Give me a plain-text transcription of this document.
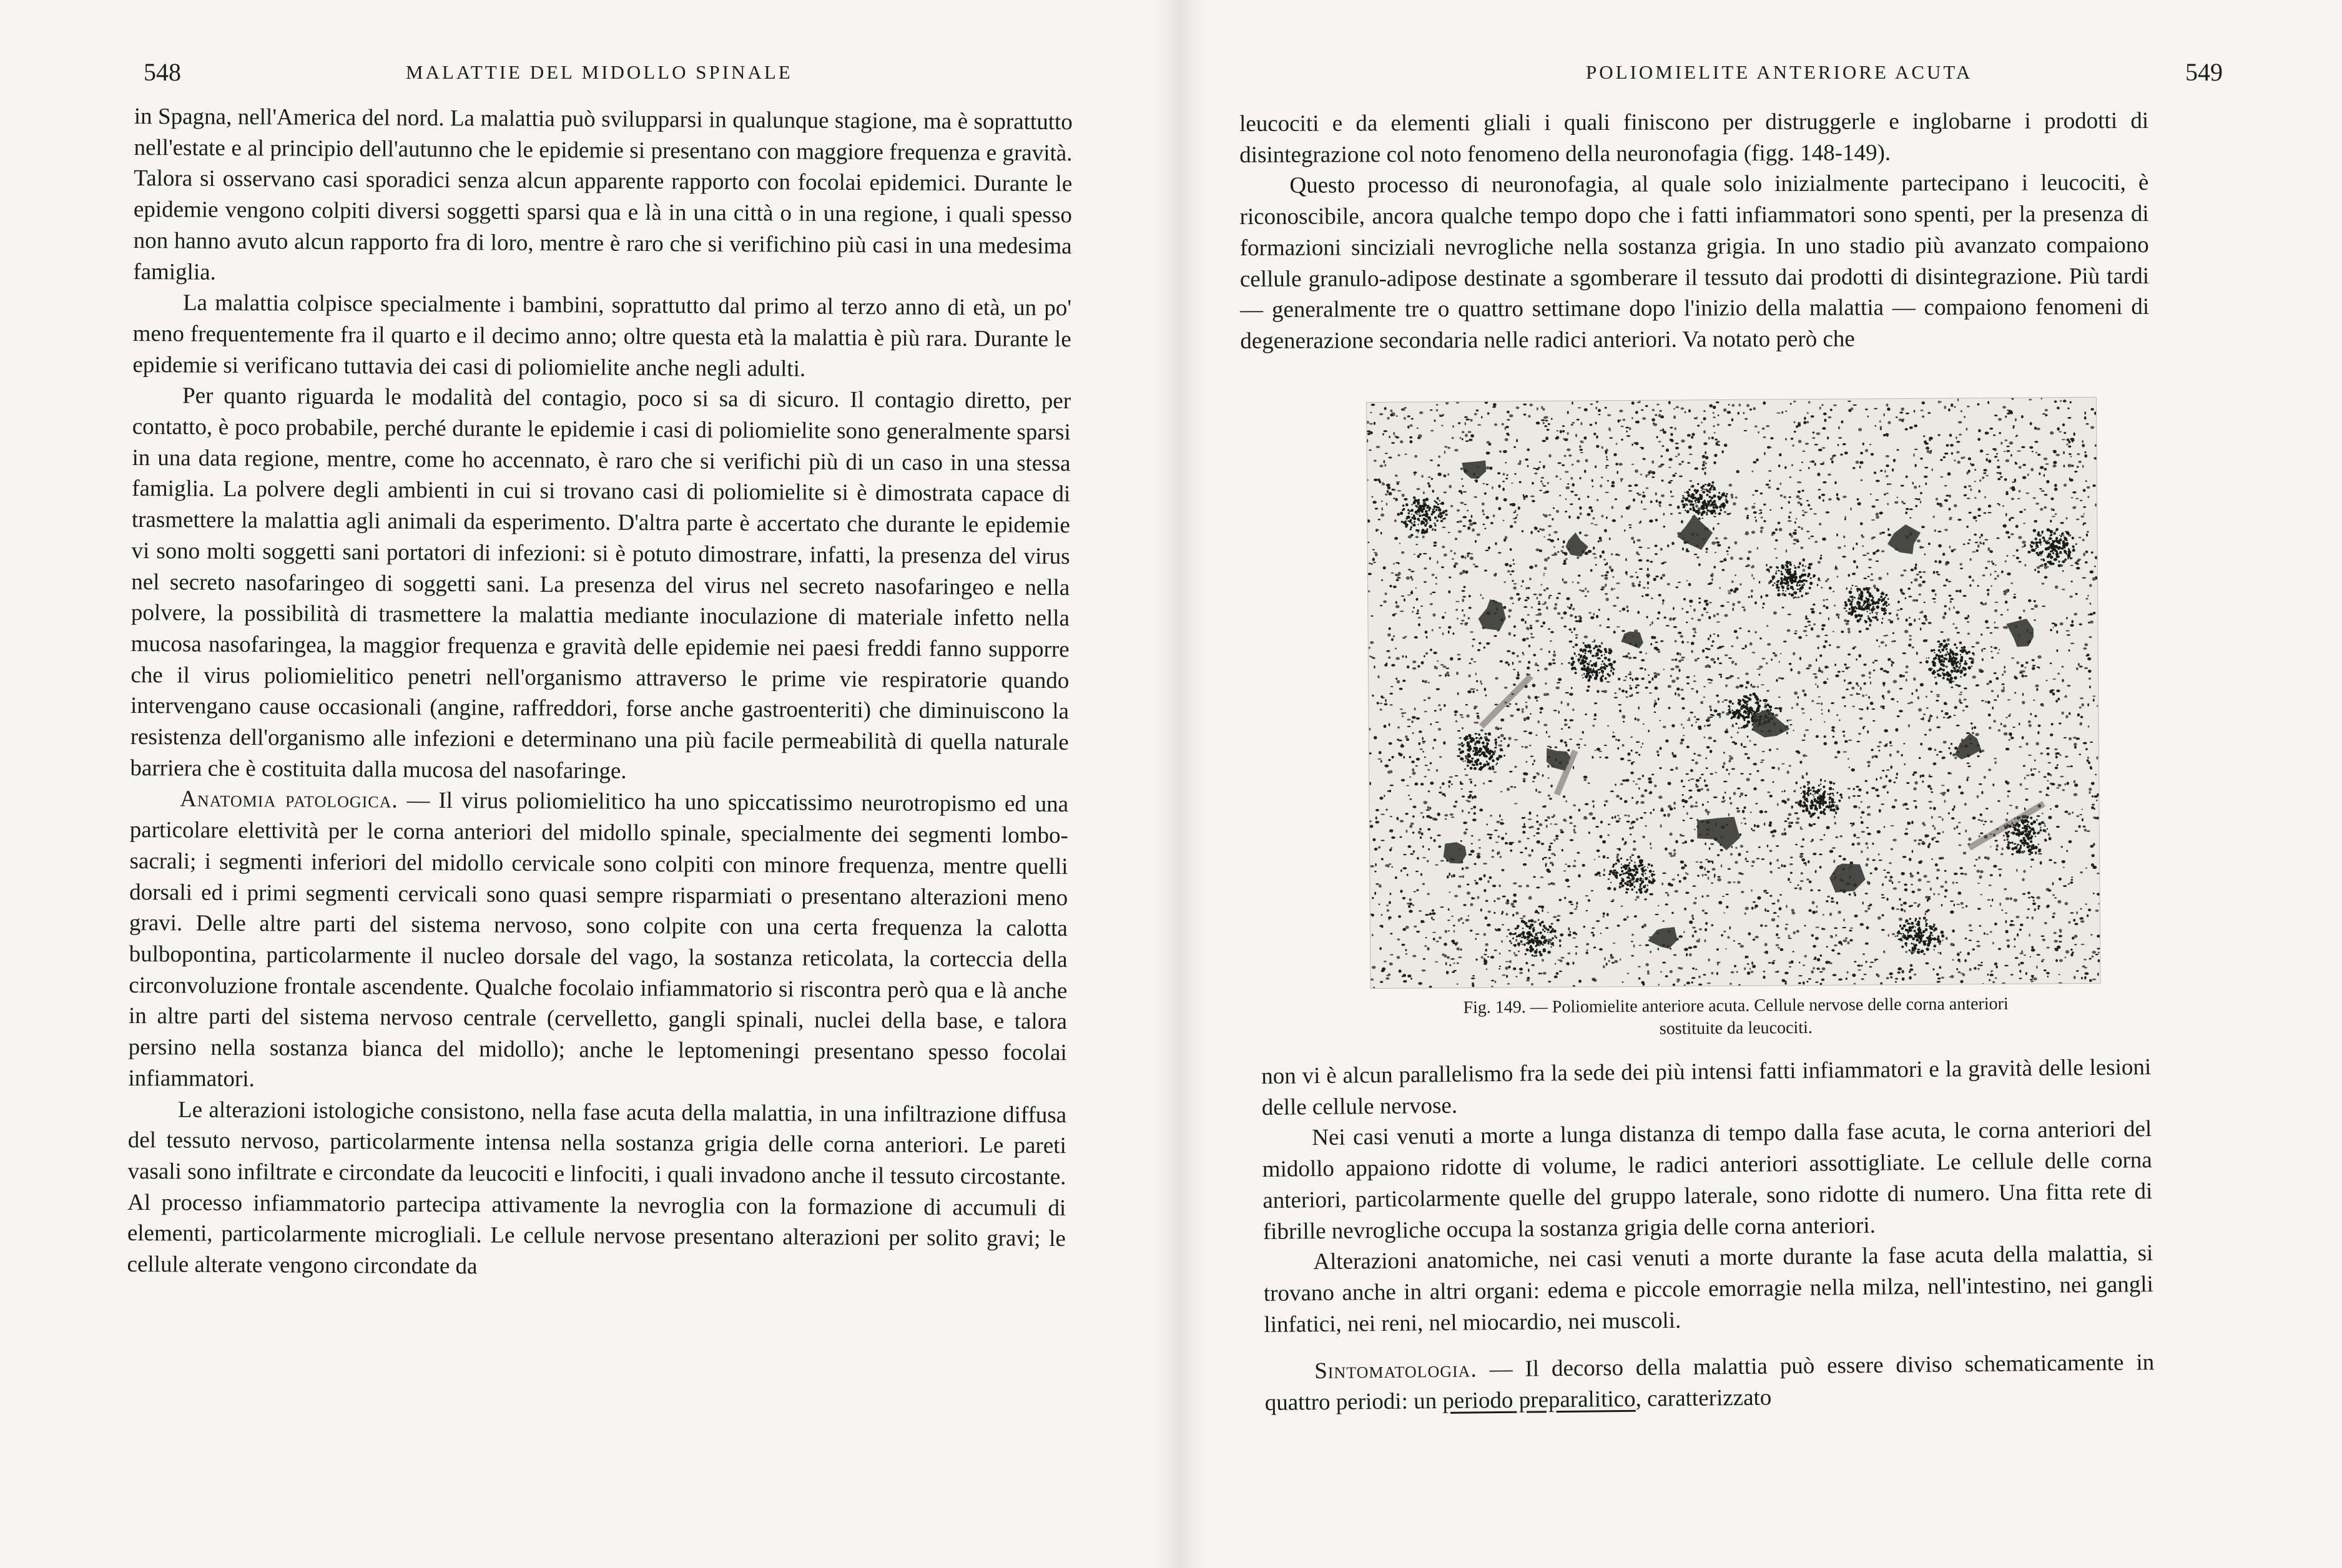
548	MALATTIE DEL MIDOLLO SPINALE

in Spagna, nell'America del nord. La malattia può svilupparsi in qualunque stagione, ma è soprattutto nell'estate e al principio dell'autunno che le epidemie si presentano con maggiore frequenza e gravità. Talora si osservano casi sporadici senza alcun apparente rapporto con focolai epidemici. Durante le epidemie vengono colpiti diversi soggetti sparsi qua e là in una città o in una regione, i quali spesso non hanno avuto alcun rapporto fra di loro, mentre è raro che si verifichino più casi in una medesima famiglia.

La malattia colpisce specialmente i bambini, soprattutto dal primo al terzo anno di età, un po' meno frequentemente fra il quarto e il decimo anno; oltre questa età la malattia è più rara. Durante le epidemie si verificano tuttavia dei casi di poliomielite anche negli adulti.

Per quanto riguarda le modalità del contagio, poco si sa di sicuro. Il contagio diretto, per contatto, è poco probabile, perché durante le epidemie i casi di poliomielite sono generalmente sparsi in una data regione, mentre, come ho accennato, è raro che si verifichi più di un caso in una stessa famiglia. La polvere degli ambienti in cui si trovano casi di poliomielite si è dimostrata capace di trasmettere la malattia agli animali da esperimento. D'altra parte è accertato che durante le epidemie vi sono molti soggetti sani portatori di infezioni: si è potuto dimostrare, infatti, la presenza del virus nel secreto nasofaringeo di soggetti sani. La presenza del virus nel secreto nasofaringeo e nella polvere, la possibilità di trasmettere la malattia mediante inoculazione di materiale infetto nella mucosa nasofaringea, la maggior frequenza e gravità delle epidemie nei paesi freddi fanno supporre che il virus poliomielitico penetri nell'organismo attraverso le prime vie respiratorie quando intervengano cause occasionali (angine, raffreddori, forse anche gastroenteriti) che diminuiscono la resistenza dell'organismo alle infezioni e determinano una più facile permeabilità di quella naturale barriera che è costituita dalla mucosa del nasofaringe.

Anatomia patologica. — Il virus poliomielitico ha uno spiccatissimo neurotropismo ed una particolare elettività per le corna anteriori del midollo spinale, specialmente dei segmenti lombo-sacrali; i segmenti inferiori del midollo cervicale sono colpiti con minore frequenza, mentre quelli dorsali ed i primi segmenti cervicali sono quasi sempre risparmiati o presentano alterazioni meno gravi. Delle altre parti del sistema nervoso, sono colpite con una certa frequenza la calotta bulbopontina, particolarmente il nucleo dorsale del vago, la sostanza reticolata, la corteccia della circonvoluzione frontale ascendente. Qualche focolaio infiammatorio si riscontra però qua e là anche in altre parti del sistema nervoso centrale (cervelletto, gangli spinali, nuclei della base, e talora persino nella sostanza bianca del midollo); anche le leptomeningi presentano spesso focolai infiammatori.

Le alterazioni istologiche consistono, nella fase acuta della malattia, in una infiltrazione diffusa del tessuto nervoso, particolarmente intensa nella sostanza grigia delle corna anteriori. Le pareti vasali sono infiltrate e circondate da leucociti e linfociti, i quali invadono anche il tessuto circostante. Al processo infiammatorio partecipa attivamente la nevroglia con la formazione di accumuli di elementi, particolarmente microgliali. Le cellule nervose presentano alterazioni per solito gravi; le cellule alterate vengono circondate da

POLIOMIELITE ANTERIORE ACUTA	549

leucociti e da elementi gliali i quali finiscono per distruggerle e inglobarne i prodotti di disintegrazione col noto fenomeno della neuronofagia (figg. 148-149).

Questo processo di neuronofagia, al quale solo inizialmente partecipano i leucociti, è riconoscibile, ancora qualche tempo dopo che i fatti infiammatori sono spenti, per la presenza di formazioni sinciziali nevrogliche nella sostanza grigia. In uno stadio più avanzato compaiono cellule granulo-adipose destinate a sgomberare il tessuto dai prodotti di disintegrazione. Più tardi — generalmente tre o quattro settimane dopo l'inizio della malattia — compaiono fenomeni di degenerazione secondaria nelle radici anteriori. Va notato però che

Fig. 149. — Poliomielite anteriore acuta. Cellule nervose delle corna anteriori
sostituite da leucociti.

non vi è alcun parallelismo fra la sede dei più intensi fatti infiammatori e la gravità delle lesioni delle cellule nervose.

Nei casi venuti a morte a lunga distanza di tempo dalla fase acuta, le corna anteriori del midollo appaiono ridotte di volume, le radici anteriori assottigliate. Le cellule delle corna anteriori, particolarmente quelle del gruppo laterale, sono ridotte di numero. Una fitta rete di fibrille nevrogliche occupa la sostanza grigia delle corna anteriori.

Alterazioni anatomiche, nei casi venuti a morte durante la fase acuta della malattia, si trovano anche in altri organi: edema e piccole emorragie nella milza, nell'intestino, nei gangli linfatici, nei reni, nel miocardio, nei muscoli.

Sintomatologia. — Il decorso della malattia può essere diviso schematicamente in quattro periodi: un periodo preparalitico, caratterizzato
